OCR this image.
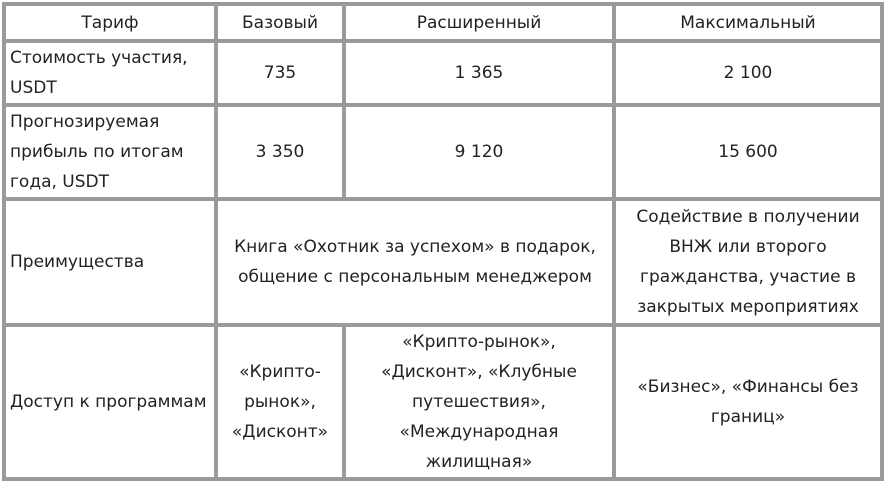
Тариф	Базовый	Расширенный	Максимальный
Стоимость участия, USDT	735	1 365	2 100
Прогнозируемая прибыль по итогам года, USDT	3 350	9 120	15 600
Преимущества	Книга «Охотник за успехом» в подарок, общение с персональным менеджером		Содействие в получении ВНЖ или второго гражданства, участие в закрытых мероприятиях
Доступ к программам	«Крипто-рынок», «Дисконт»	«Крипто-рынок», «Дисконт», «Клубные путешествия», «Международная жилищная»	«Бизнес», «Финансы без границ»
